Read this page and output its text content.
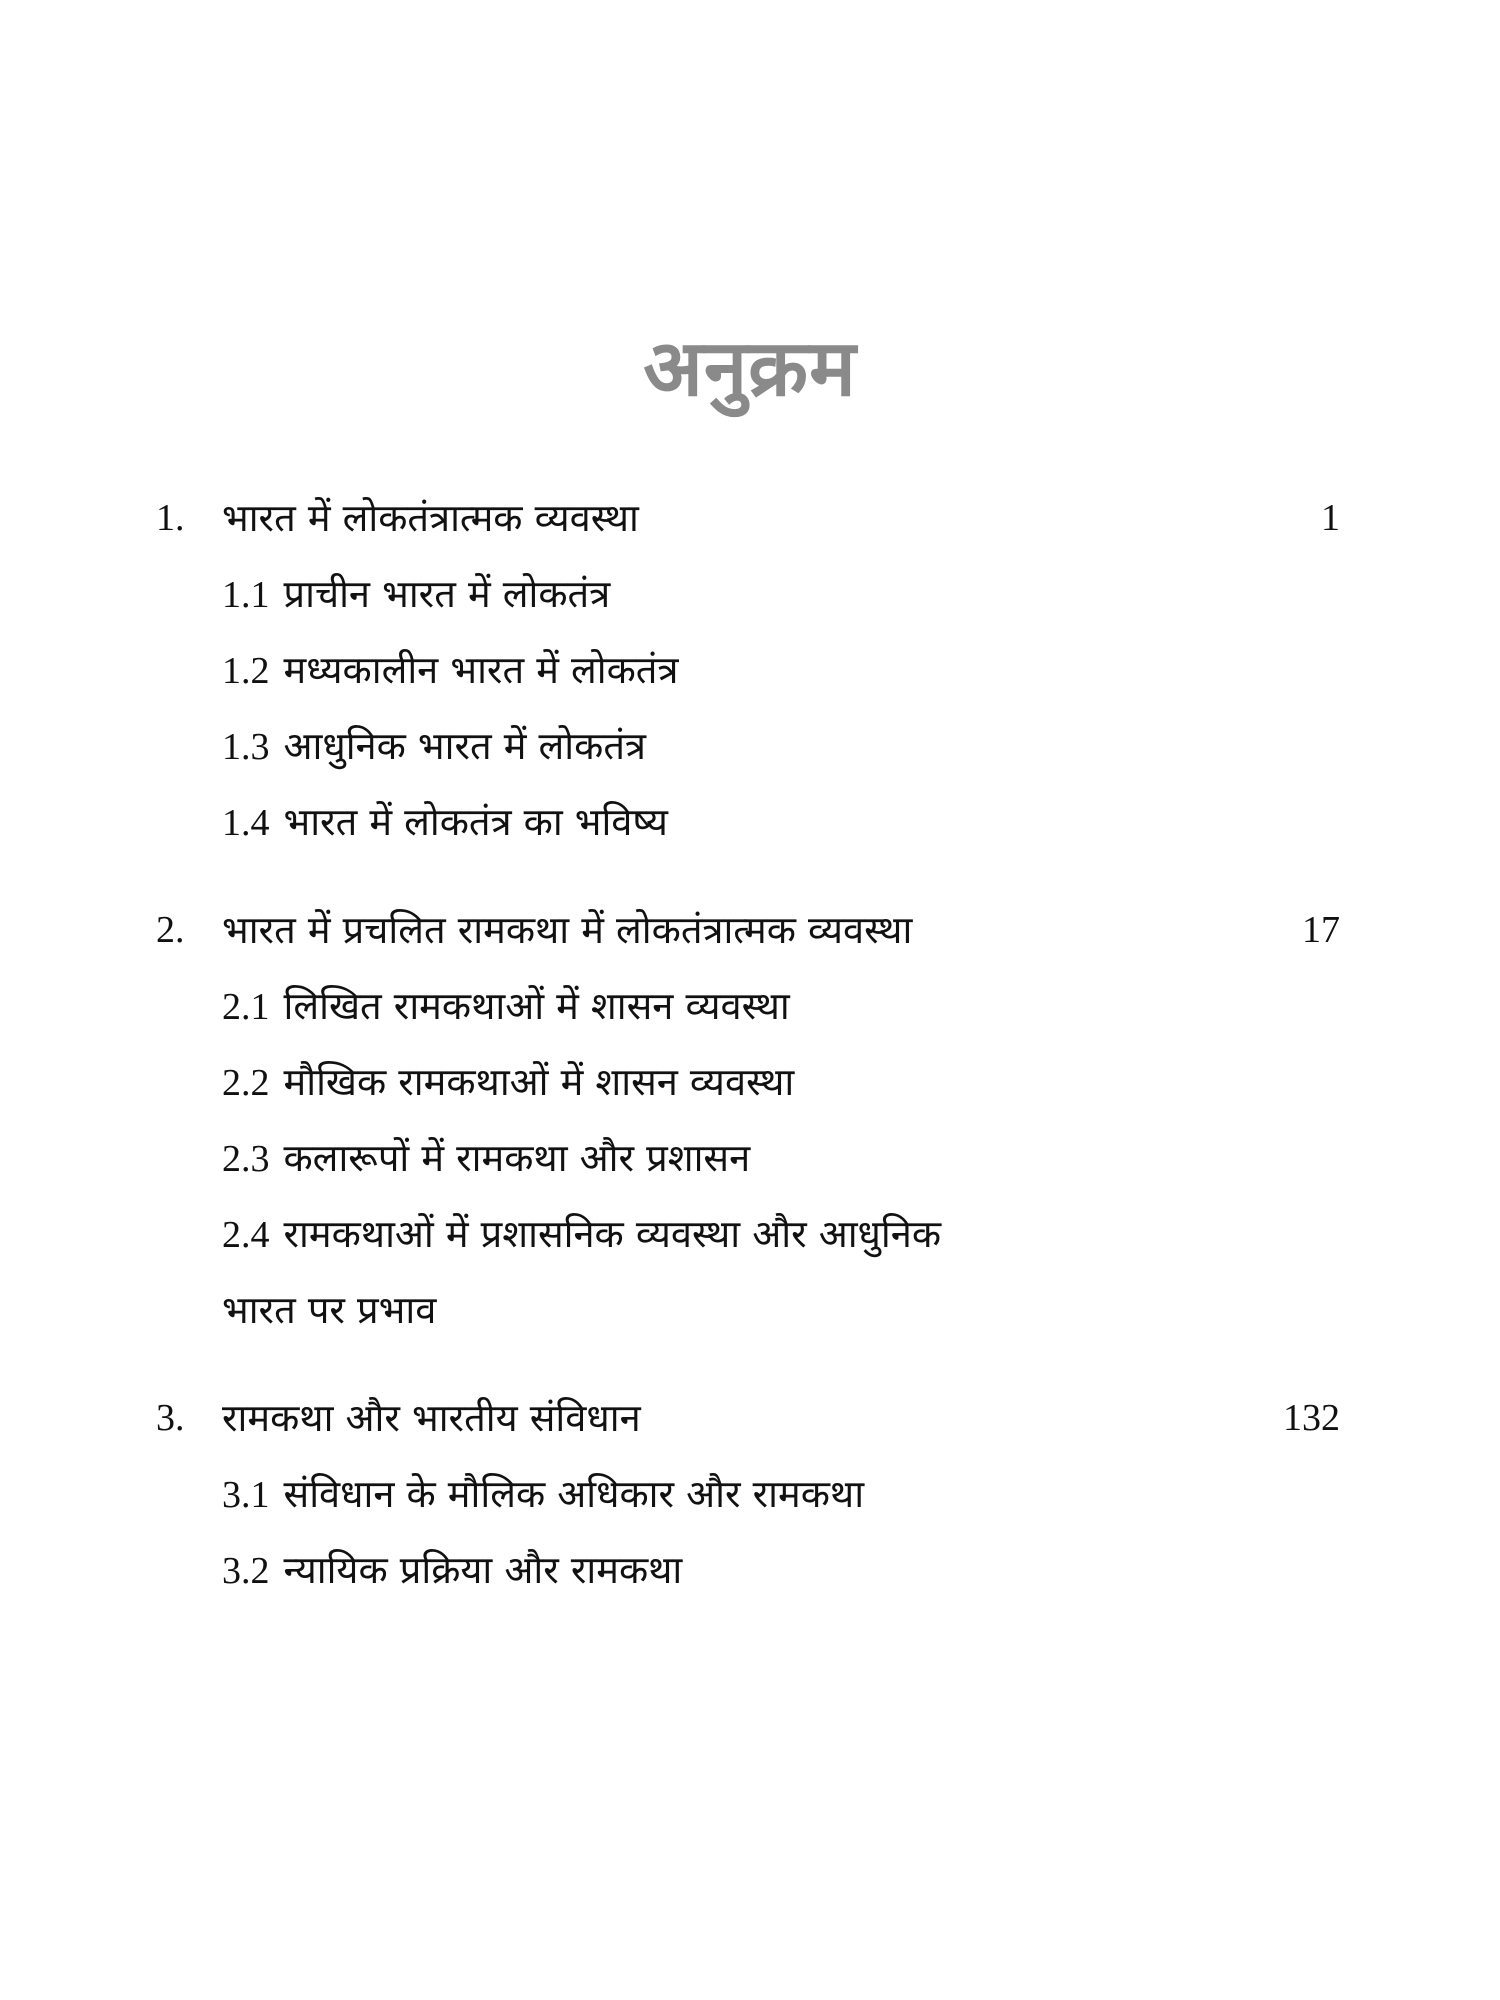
अनुक्रम
1. भारत में लोकतंत्रात्मक व्यवस्था	1
1.1 प्राचीन भारत में लोकतंत्र
1.2 मध्यकालीन भारत में लोकतंत्र
1.3 आधुनिक भारत में लोकतंत्र
1.4 भारत में लोकतंत्र का भविष्य
2. भारत में प्रचलित रामकथा में लोकतंत्रात्मक व्यवस्था	17
2.1 लिखित रामकथाओं में शासन व्यवस्था
2.2 मौखिक रामकथाओं में शासन व्यवस्था
2.3 कलारूपों में रामकथा और प्रशासन
2.4 रामकथाओं में प्रशासनिक व्यवस्था और आधुनिक
भारत पर प्रभाव
3. रामकथा और भारतीय संविधान	132
3.1 संविधान के मौलिक अधिकार और रामकथा
3.2 न्यायिक प्रक्रिया और रामकथा
